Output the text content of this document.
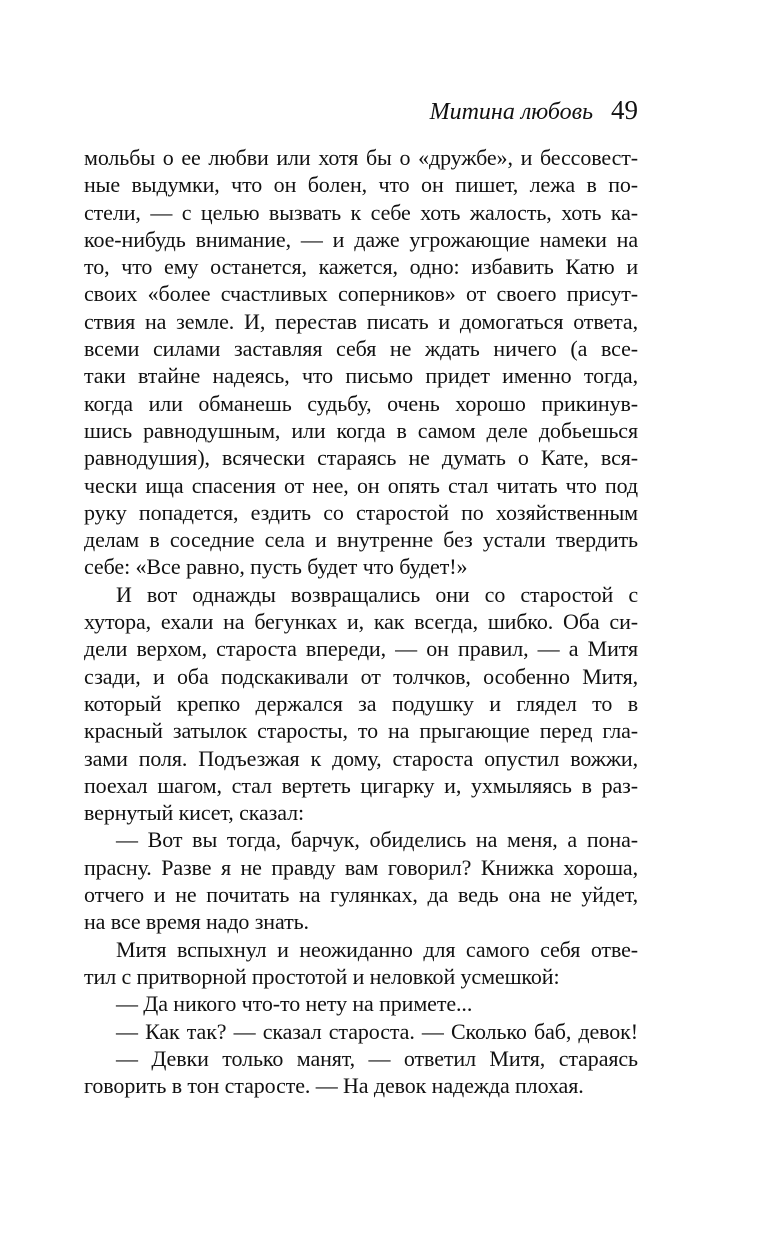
Митина любовь 49
мольбы о ее любви или хотя бы о «дружбе», и бессовест-
ные выдумки, что он болен, что он пишет, лежа в по-
стели, — с целью вызвать к себе хоть жалость, хоть ка-
кое-нибудь внимание, — и даже угрожающие намеки на
то, что ему останется, кажется, одно: избавить Катю и
своих «более счастливых соперников» от своего присут-
ствия на земле. И, перестав писать и домогаться ответа,
всеми силами заставляя себя не ждать ничего (а все-
таки втайне надеясь, что письмо придет именно тогда,
когда или обманешь судьбу, очень хорошо прикинув-
шись равнодушным, или когда в самом деле добьешься
равнодушия), всячески стараясь не думать о Кате, вся-
чески ища спасения от нее, он опять стал читать что под
руку попадется, ездить со старостой по хозяйственным
делам в соседние села и внутренне без устали твердить
себе: «Все равно, пусть будет что будет!»
И вот однажды возвращались они со старостой с
хутора, ехали на бегунках и, как всегда, шибко. Оба си-
дели верхом, староста впереди, — он правил, — а Митя
сзади, и оба подскакивали от толчков, особенно Митя,
который крепко держался за подушку и глядел то в
красный затылок старосты, то на прыгающие перед гла-
зами поля. Подъезжая к дому, староста опустил вожжи,
поехал шагом, стал вертеть цигарку и, ухмыляясь в раз-
вернутый кисет, сказал:
— Вот вы тогда, барчук, обиделись на меня, а пона-
прасну. Разве я не правду вам говорил? Книжка хороша,
отчего и не почитать на гулянках, да ведь она не уйдет,
на все время надо знать.
Митя вспыхнул и неожиданно для самого себя отве-
тил с притворной простотой и неловкой усмешкой:
— Да никого что-то нету на примете...
— Как так? — сказал староста. — Сколько баб, девок!
— Девки только манят, — ответил Митя, стараясь
говорить в тон старосте. — На девок надежда плохая.
